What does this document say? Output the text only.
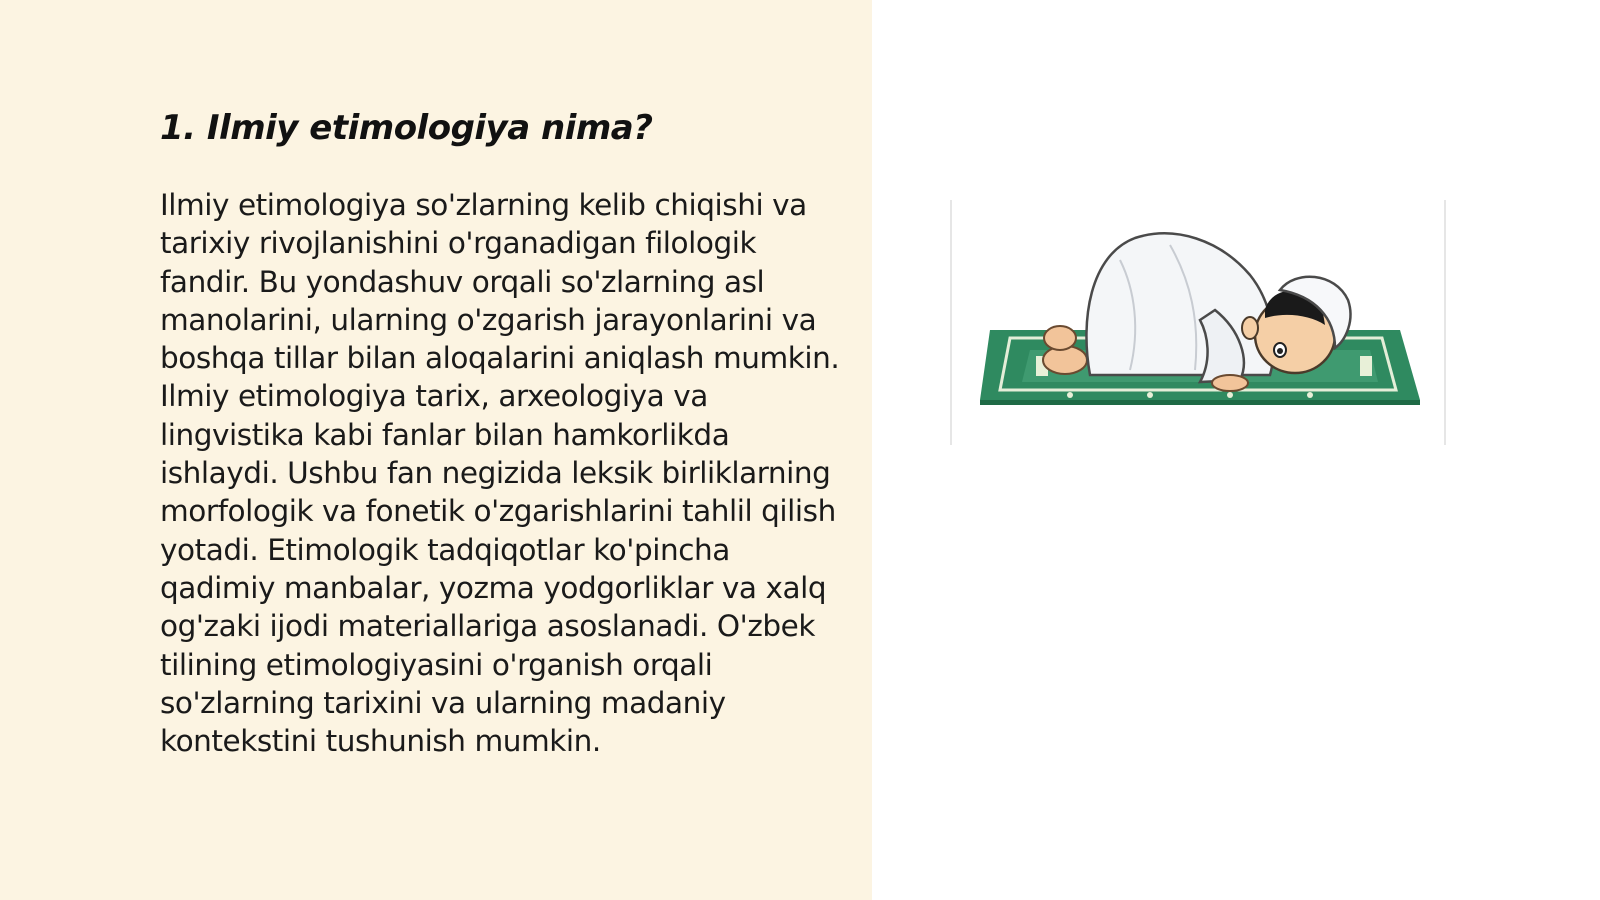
1. Ilmiy etimologiya nima?

Ilmiy etimologiya so'zlarning kelib chiqishi va tarixiy rivojlanishini o'rganadigan filologik fandir. Bu yondashuv orqali so'zlarning asl manolarini, ularning o'zgarish jarayonlarini va boshqa tillar bilan aloqalarini aniqlash mumkin. Ilmiy etimologiya tarix, arxeologiya va lingvistika kabi fanlar bilan hamkorlikda ishlaydi. Ushbu fan negizida leksik birliklarning morfologik va fonetik o'zgarishlarini tahlil qilish yotadi. Etimologik tadqiqotlar ko'pincha qadimiy manbalar, yozma yodgorliklar va xalq og'zaki ijodi materiallariga asoslanadi. O'zbek tilining etimologiyasini o'rganish orqali so'zlarning tarixini va ularning madaniy kontekstini tushunish mumkin.
